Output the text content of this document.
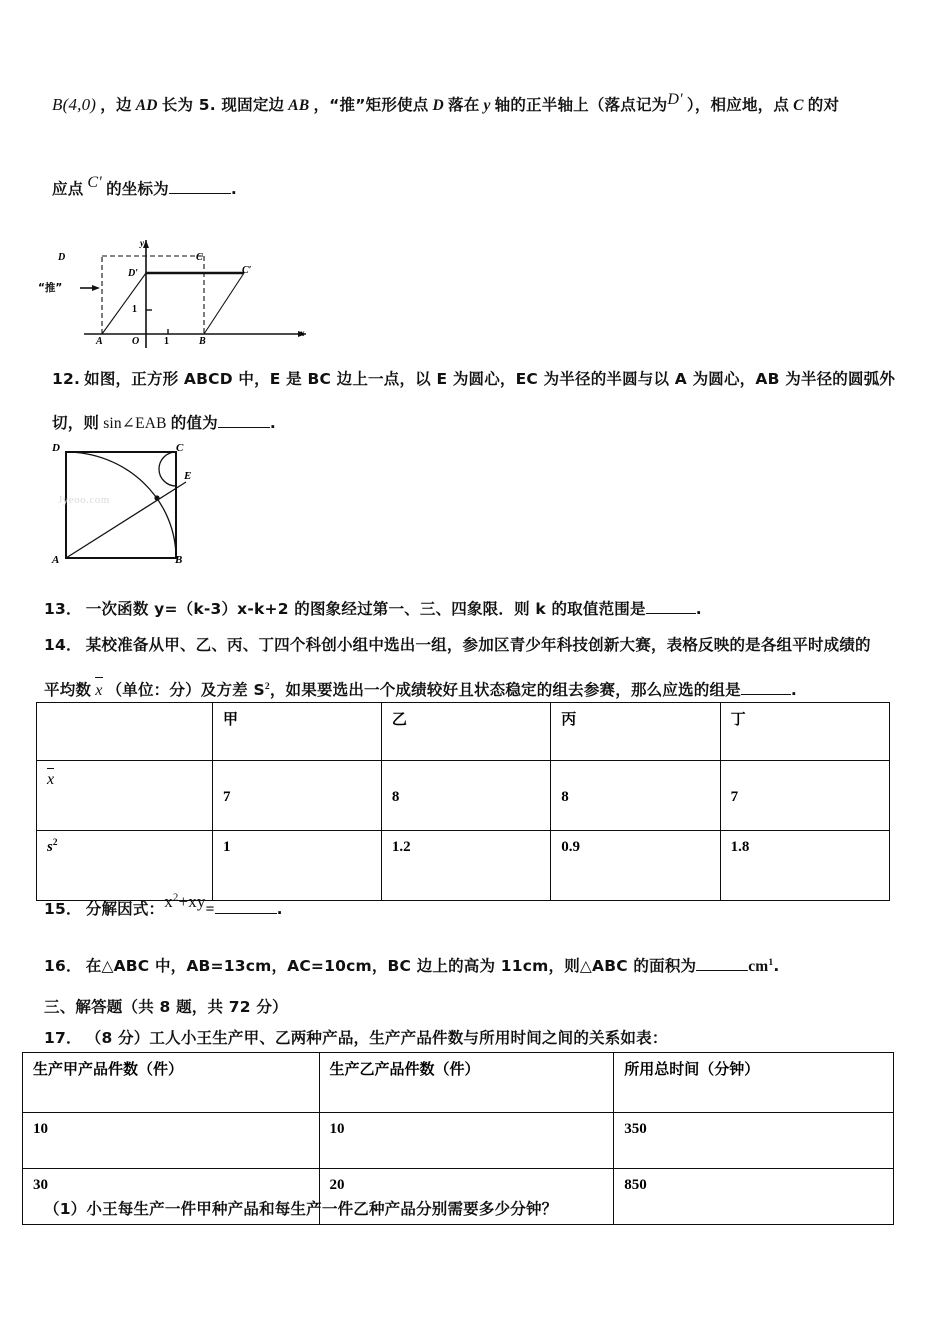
B(4,0) ，边 AD 长为 5. 现固定边 AB ，“推”矩形使点 D 落在 y 轴的正半轴上（落点记为D′ ），相应地，点 C 的对
应点 C′ 的坐标为	.
D	C
D′	C′
A	B
O 1
1
y
x
“推”
12. 如图，正方形 ABCD 中，E 是 BC 边上一点，以 E 为圆心，EC 为半径的半圆与以 A 为圆心，AB 为半径的圆弧外
切，则 sin∠EAB 的值为	.
D	C
E
A	B
Jyeoo.com
13． 一次函数 y=（k‑3）x‑k+2 的图象经过第一、三、四象限．则 k 的取值范围是	.
14． 某校准备从甲、乙、丙、丁四个科创小组中选出一组，参加区青少年科技创新大赛，表格反映的是各组平时成绩的
平均数 x （单位：分）及方差 $S^2$，如果要选出一个成绩较好且状态稳定的组去参赛，那么应选的组是	.
	甲	乙	丙	丁
x	7	8	8	7

$s^2$	1	1.2	0.9	1.8
15． 分解因式：$x^2+xy=$	.
16． 在△ABC 中，AB=13cm，AC=10cm，BC 边上的高为 11cm，则△ABC 的面积为	$cm^1$.
三、解答题（共 8 题，共 72 分）
17． （8 分）工人小王生产甲、乙两种产品，生产产品件数与所用时间之间的关系如表：
生产甲产品件数（件）	生产乙产品件数（件）	所用总时间（分钟）
10	10	350
30	20	850
（1）小王每生产一件甲种产品和每生产一件乙种产品分别需要多少分钟？
